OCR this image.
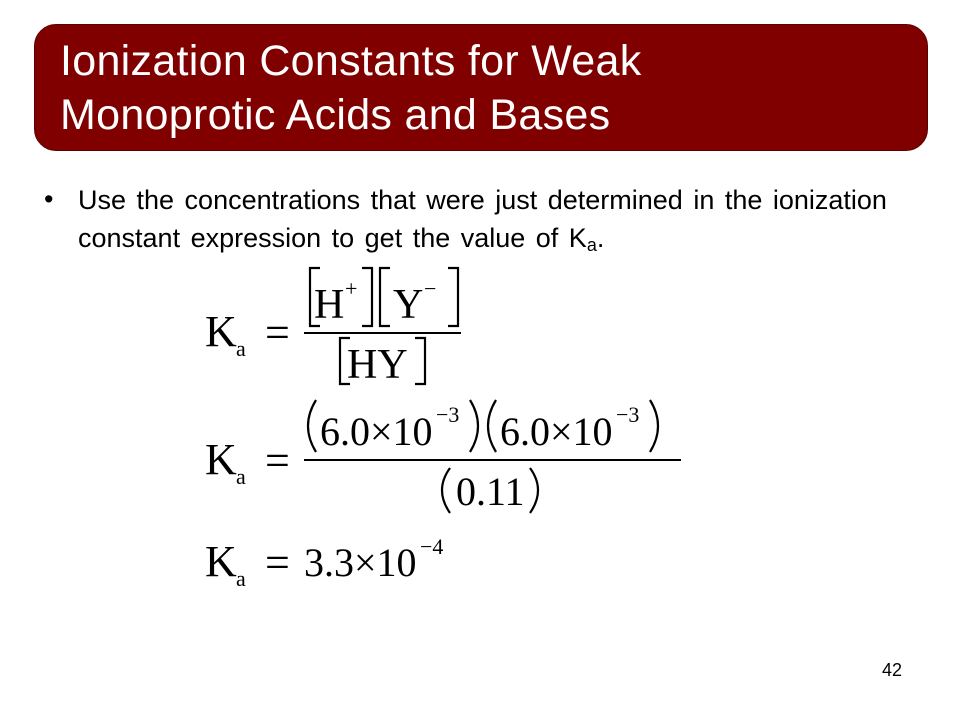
Ionization Constants for Weak
Monoprotic Acids and Bases
• Use the concentrations that were just determined in the ionization constant expression to get the value of $K_a$.
K a =
H + Y −
HY
K a =
6.0×10 −3 6.0×10 −3
0.11
K a = 3.3×10 −4
42
